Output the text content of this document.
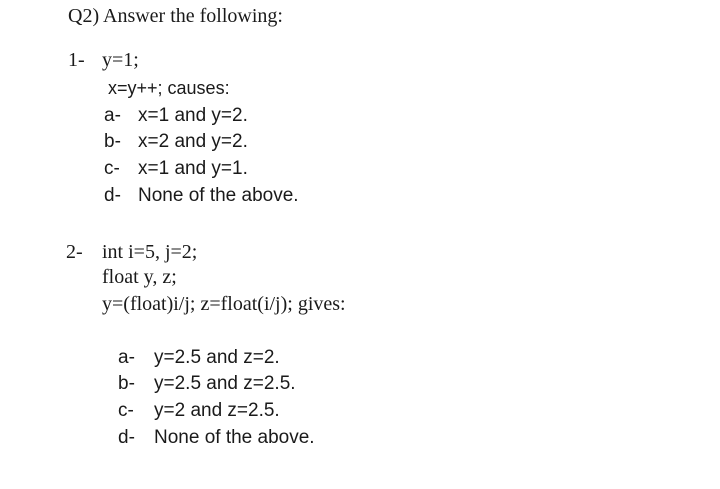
Q2) Answer the following:
1- y=1;
x=y++; causes:
a- x=1 and y=2.
b- x=2 and y=2.
c- x=1 and y=1.
d- None of the above.
2- int i=5, j=2;
float y, z;
y=(float)i/j; z=float(i/j); gives:
a- y=2.5 and z=2.
b- y=2.5 and z=2.5.
c- y=2 and z=2.5.
d- None of the above.
